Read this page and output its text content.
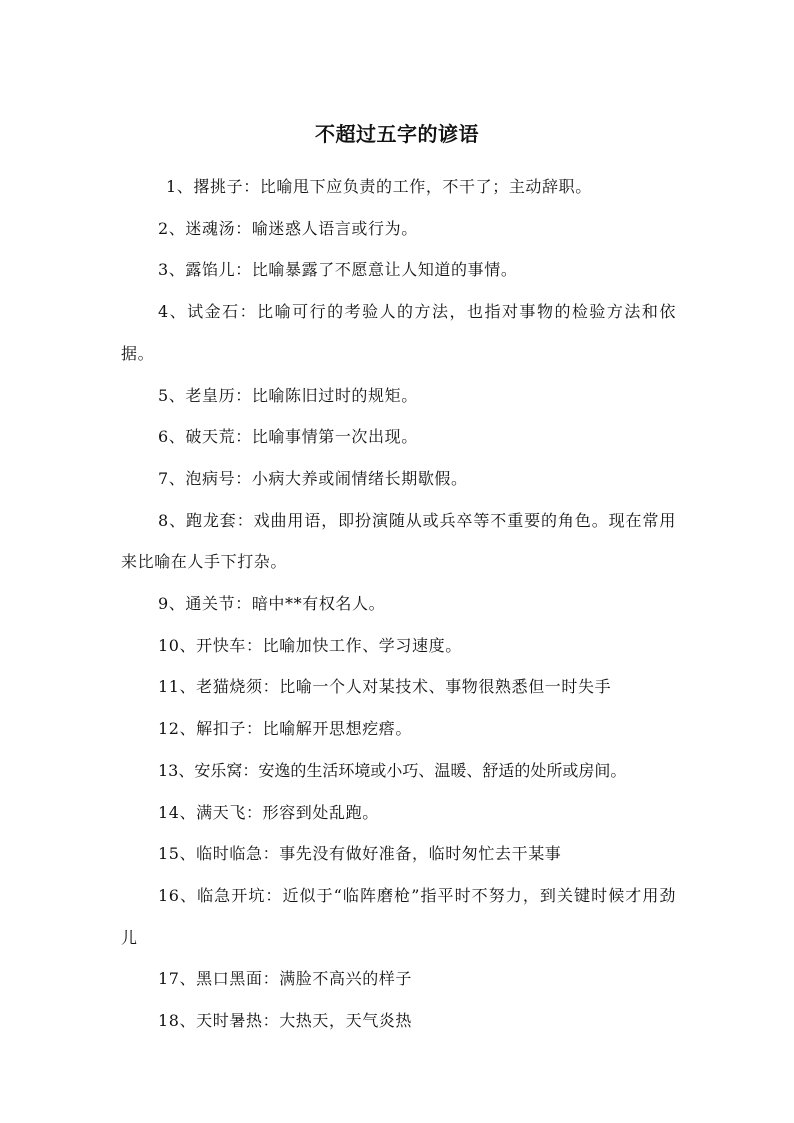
不超过五字的谚语

1、撂挑子：比喻甩下应负责的工作，不干了；主动辞职。

2、迷魂汤：喻迷惑人语言或行为。

3、露馅儿：比喻暴露了不愿意让人知道的事情。

4、试金石：比喻可行的考验人的方法，也指对事物的检验方法和依据。

5、老皇历：比喻陈旧过时的规矩。

6、破天荒：比喻事情第一次出现。

7、泡病号：小病大养或闹情绪长期歇假。

8、跑龙套：戏曲用语，即扮演随从或兵卒等不重要的角色。现在常用来比喻在人手下打杂。

9、通关节：暗中**有权名人。

10、开快车：比喻加快工作、学习速度。

11、老猫烧须：比喻一个人对某技术、事物很熟悉但一时失手

12、解扣子：比喻解开思想疙瘩。

13、安乐窝：安逸的生活环境或小巧、温暖、舒适的处所或房间。

14、满天飞：形容到处乱跑。

15、临时临急：事先没有做好准备，临时匆忙去干某事

16、临急开坑：近似于“临阵磨枪”指平时不努力，到关键时候才用劲儿

17、黑口黑面：满脸不高兴的样子

18、天时暑热：大热天，天气炎热
